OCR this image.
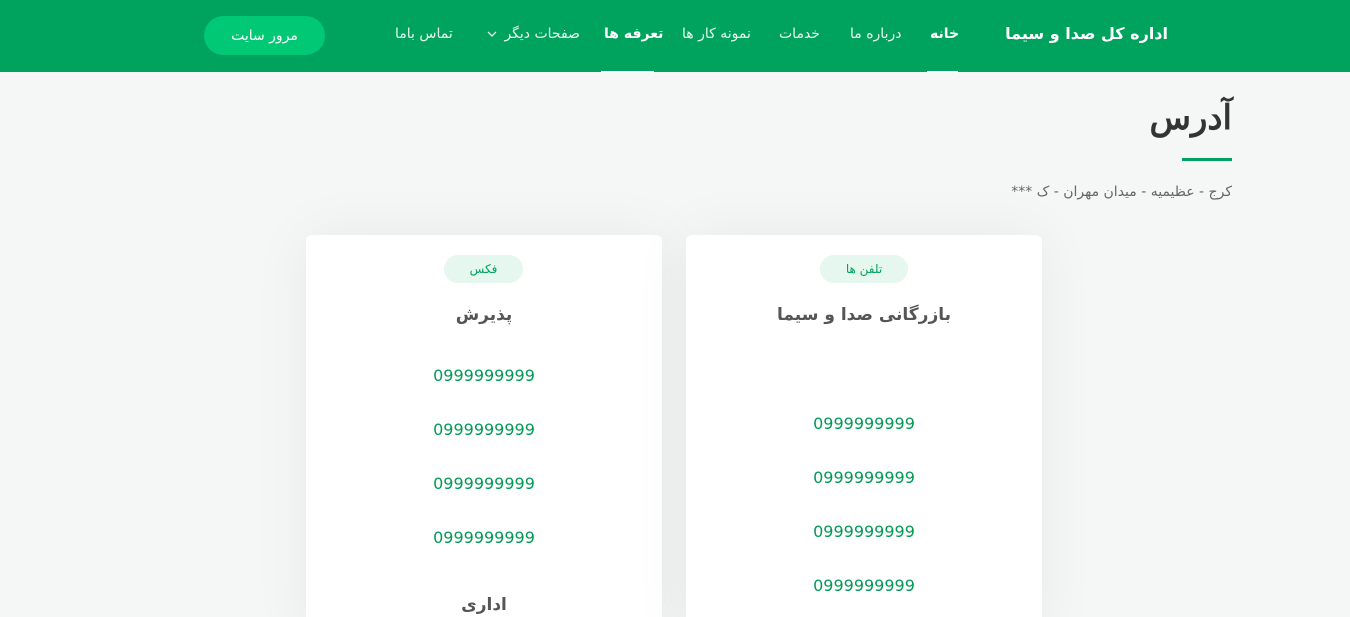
اداره کل صدا و سیما
خانه
درباره ما
خدمات
نمونه کار ها
تعرفه ها
صفحات دیگر
تماس باما
مرور سایت
آدرس
کرج - عظیمیه - میدان مهران - ک ***
فکس
پذیرش
0999999999
0999999999
0999999999
0999999999
اداری
تلفن ها
بازرگانی صدا و سیما
0999999999
0999999999
0999999999
0999999999
